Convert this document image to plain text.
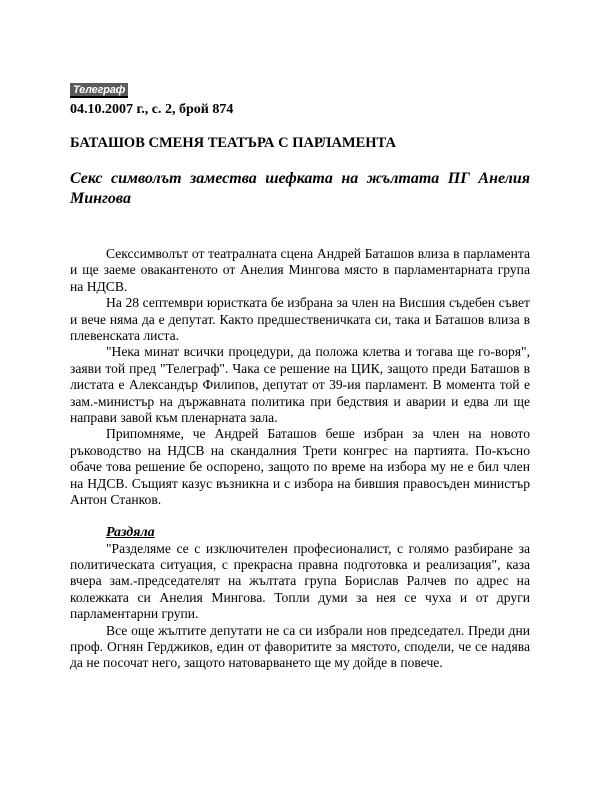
Телеграф
04.10.2007 г., с. 2, брой 874
БАТАШОВ СМЕНЯ ТЕАТЪРА С ПАРЛАМЕНТА
Секс символът замества шефката на жълтата ПГ Анелия Мингова

Секссимволът от театралната сцена Андрей Баташов влиза в парламента и ще заеме овакантеното от Анелия Мингова място в парламентарната група на НДСВ.

На 28 септември юристката бе избрана за член на Висшия съдебен съвет и вече няма да е депутат. Както предшественичката си, така и Баташов влиза в плевенската листа.

"Нека минат всички процедури, да положа клетва и тогава ще го-воря", заяви той пред "Телеграф". Чака се решение на ЦИК, защото преди Баташов в листата е Александър Филипов, депутат от 39-ия парламент. В момента той е зам.-министър на държавната политика при бедствия и аварии и едва ли ще направи завой към пленарната зала.

Припомняме, че Андрей Баташов беше избран за член на новото ръководство на НДСВ на скандалния Трети конгрес на партията. По-късно обаче това решение бе оспорено, защото по време на избора му не е бил член на НДСВ. Същият казус възникна и с избора на бившия правосъден министър Антон Станков.

Раздяла

"Разделяме се с изключителен професионалист, с голямо разбиране за политическата ситуация, с прекрасна правна подготовка и реализация", каза вчера зам.-председателят на жълтата група Борислав Ралчев по адрес на колежката си Анелия Мингова. Топли думи за нея се чуха и от други парламентарни групи.

Все още жълтите депутати не са си избрали нов председател. Преди дни проф. Огнян Герджиков, един от фаворитите за мястото, сподели, че се надява да не посочат него, защото натоварването ще му дойде в повече.
